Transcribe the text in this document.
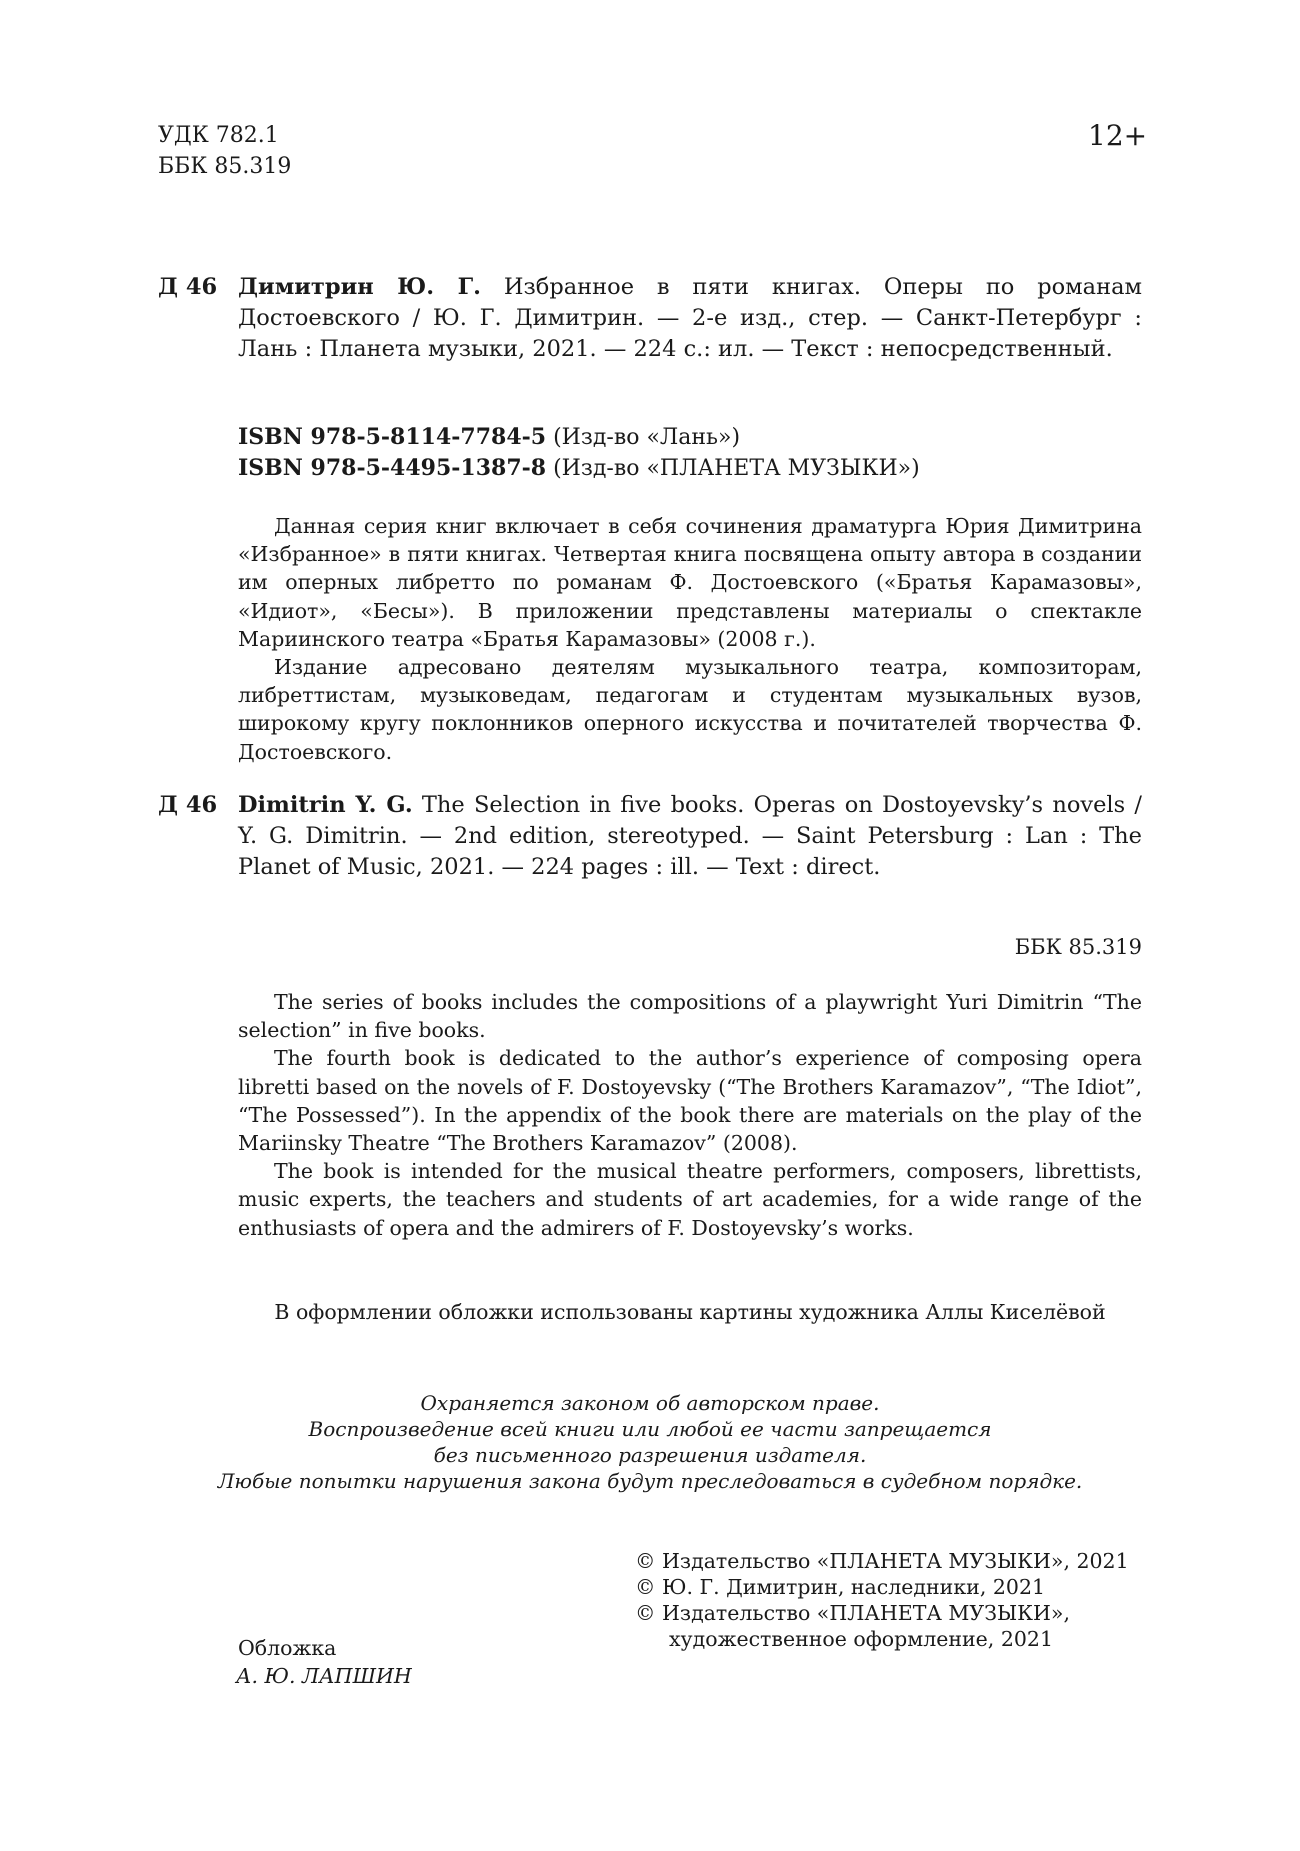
УДК 782.1
ББК 85.319
12+
Д 46 Димитрин Ю. Г. Избранное в пяти книгах. Оперы по романам Достоевского / Ю. Г. Димитрин. — 2-е изд., стер. — Санкт-Петербург : Лань : Планета музыки, 2021. — 224 с.: ил. — Текст : непосредственный.
ISBN 978-5-8114-7784-5 (Изд-во «Лань»)
ISBN 978-5-4495-1387-8 (Изд-во «ПЛАНЕТА МУЗЫКИ»)

Данная серия книг включает в себя сочинения драматурга Юрия Димитрина «Избранное» в пяти книгах. Четвертая книга посвящена опыту автора в создании им оперных либретто по романам Ф. Достоевского («Братья Карамазовы», «Идиот», «Бесы»). В приложении представлены материалы о спектакле Мариинского театра «Братья Карамазовы» (2008 г.).

Издание адресовано деятелям музыкального театра, композиторам, либреттистам, музыковедам, педагогам и студентам музыкальных вузов, широкому кругу поклонников оперного искусства и почитателей творчества Ф. Достоевского.

Д 46 Dimitrin Y. G. The Selection in five books. Operas on Dostoyevsky’s novels / Y. G. Dimitrin. — 2nd edition, stereotyped. — Saint Petersburg : Lan : The Planet of Music, 2021. — 224 pages : ill. — Text : direct.
ББК 85.319

The series of books includes the compositions of a playwright Yuri Dimitrin “The selection” in five books.

The fourth book is dedicated to the author’s experience of composing opera libretti based on the novels of F. Dostoyevsky (“The Brothers Karamazov”, “The Idiot”, “The Possessed”). In the appendix of the book there are materials on the play of the Mariinsky Theatre “The Brothers Karamazov” (2008).

The book is intended for the musical theatre performers, composers, librettists, music experts, the teachers and students of art academies, for a wide range of the enthusiasts of opera and the admirers of F. Dostoyevsky’s works.

В оформлении обложки использованы картины художника Аллы Киселёвой
Охраняется законом об авторском праве.
Воспроизведение всей книги или любой ее части запрещается
без письменного разрешения издателя.
Любые попытки нарушения закона будут преследоваться в судебном порядке.
© Издательство «ПЛАНЕТА МУЗЫКИ», 2021
© Ю. Г. Димитрин, наследники, 2021
© Издательство «ПЛАНЕТА МУЗЫКИ»,
художественное оформление, 2021
Обложка
А. Ю. ЛАПШИН
